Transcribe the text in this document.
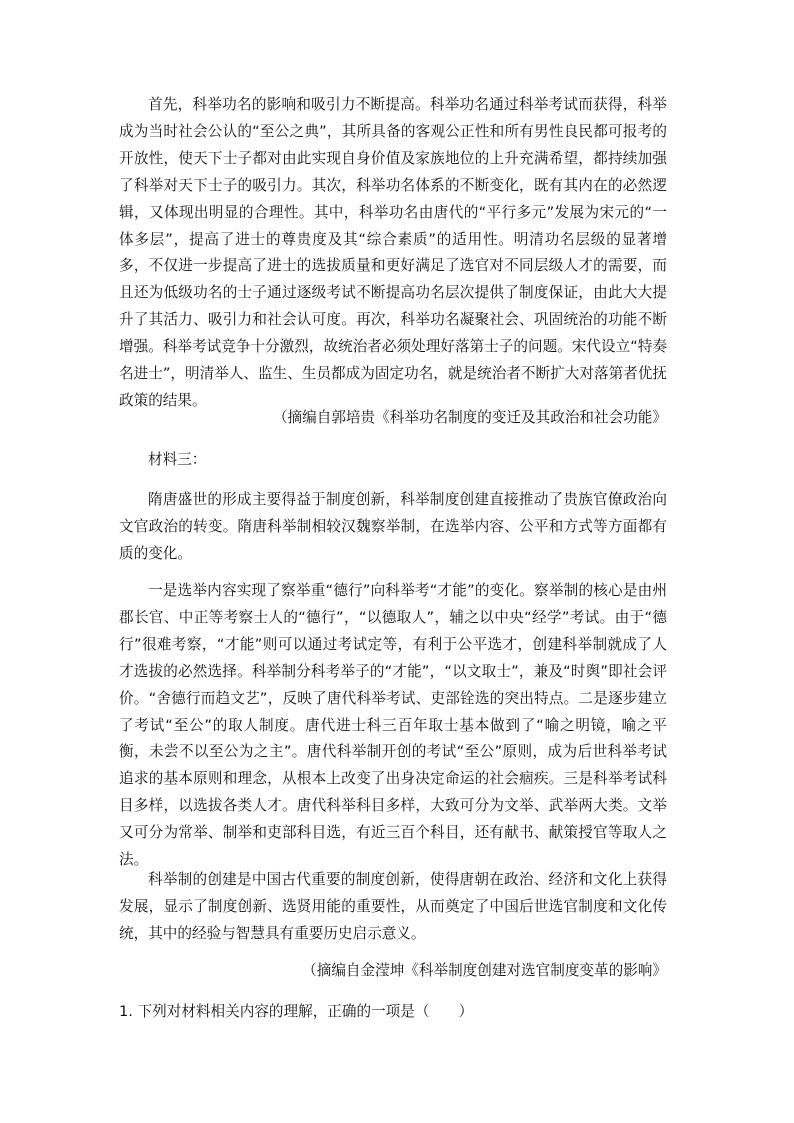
首先，科举功名的影响和吸引力不断提高。科举功名通过科举考试而获得，科举成为当时社会公认的“至公之典”，其所具备的客观公正性和所有男性良民都可报考的开放性，使天下士子都对由此实现自身价值及家族地位的上升充满希望，都持续加强了科举对天下士子的吸引力。其次，科举功名体系的不断变化，既有其内在的必然逻辑，又体现出明显的合理性。其中，科举功名由唐代的“平行多元”发展为宋元的“一体多层”，提高了进士的尊贵度及其“综合素质”的适用性。明清功名层级的显著增多，不仅进一步提高了进士的选拔质量和更好满足了选官对不同层级人才的需要，而且还为低级功名的士子通过逐级考试不断提高功名层次提供了制度保证，由此大大提升了其活力、吸引力和社会认可度。再次，科举功名凝聚社会、巩固统治的功能不断增强。科举考试竞争十分激烈，故统治者必须处理好落第士子的问题。宋代设立“特奏名进士”，明清举人、监生、生员都成为固定功名，就是统治者不断扩大对落第者优抚政策的结果。

（摘编自郭培贵《科举功名制度的变迁及其政治和社会功能》

材料三：

隋唐盛世的形成主要得益于制度创新，科举制度创建直接推动了贵族官僚政治向文官政治的转变。隋唐科举制相较汉魏察举制，在选举内容、公平和方式等方面都有质的变化。

一是选举内容实现了察举重“德行”向科举考“才能”的变化。察举制的核心是由州郡长官、中正等考察士人的“德行”，“以德取人”，辅之以中央“经学”考试。由于“德行”很难考察，“才能”则可以通过考试定等，有利于公平选才，创建科举制就成了人才选拔的必然选择。科举制分科考举子的“才能”，“以文取士”，兼及“时舆”即社会评价。“舍德行而趋文艺”，反映了唐代科举考试、吏部铨选的突出特点。二是逐步建立了考试“至公”的取人制度。唐代进士科三百年取士基本做到了“喻之明镜，喻之平衡，未尝不以至公为之主”。唐代科举制开创的考试“至公”原则，成为后世科举考试追求的基本原则和理念，从根本上改变了出身决定命运的社会痼疾。三是科举考试科目多样，以选拔各类人才。唐代科举科目多样，大致可分为文举、武举两大类。文举又可分为常举、制举和吏部科目选，有近三百个科目，还有献书、献策授官等取人之法。

科举制的创建是中国古代重要的制度创新，使得唐朝在政治、经济和文化上获得发展，显示了制度创新、选贤用能的重要性，从而奠定了中国后世选官制度和文化传统，其中的经验与智慧具有重要历史启示意义。

（摘编自金滢坤《科举制度创建对选官制度变革的影响》

1. 下列对材料相关内容的理解，正确的一项是（　　）
